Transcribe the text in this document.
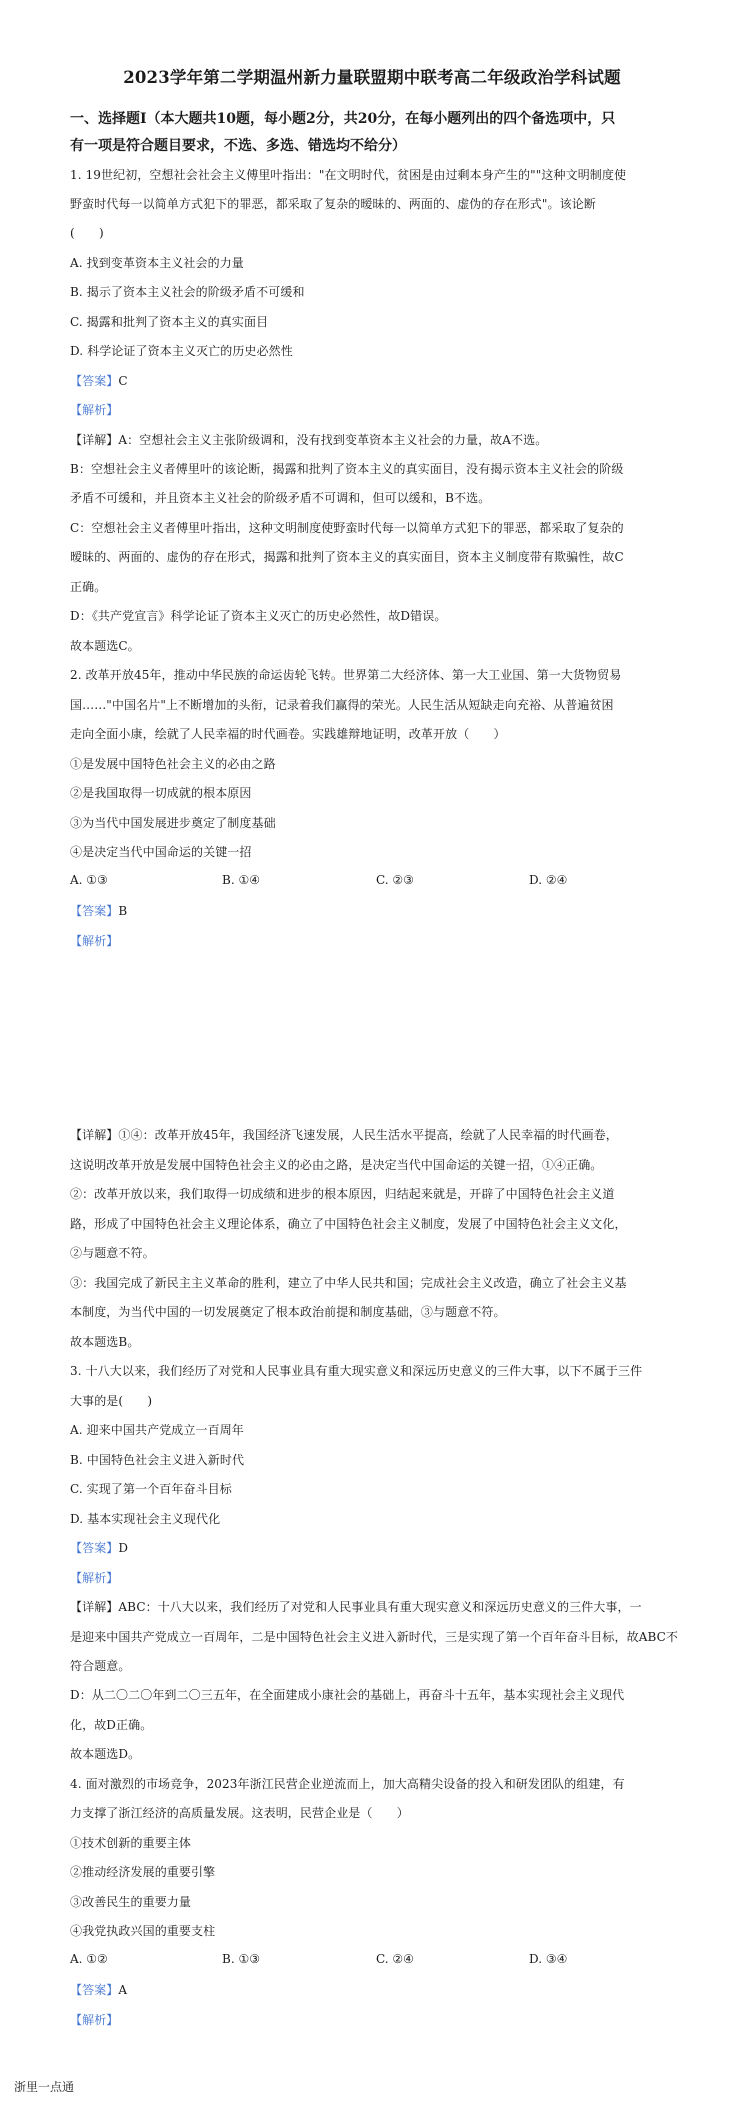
2023学年第二学期温州新力量联盟期中联考高二年级政治学科试题
一、选择题Ⅰ（本大题共10题，每小题2分，共20分，在每小题列出的四个备选项中，只
有一项是符合题目要求，不选、多选、错选均不给分）
1. 19世纪初，空想社会社会主义傅里叶指出："在文明时代，贫困是由过剩本身产生的""这种文明制度使
野蛮时代每一以简单方式犯下的罪恶，都采取了复杂的暧昧的、两面的、虚伪的存在形式"。该论断
(　　)
A. 找到变革资本主义社会的力量
B. 揭示了资本主义社会的阶级矛盾不可缓和
C. 揭露和批判了资本主义的真实面目
D. 科学论证了资本主义灭亡的历史必然性
【答案】C
【解析】
【详解】A：空想社会主义主张阶级调和，没有找到变革资本主义社会的力量，故A不选。
B：空想社会主义者傅里叶的该论断，揭露和批判了资本主义的真实面目，没有揭示资本主义社会的阶级
矛盾不可缓和，并且资本主义社会的阶级矛盾不可调和，但可以缓和，B不选。
C：空想社会主义者傅里叶指出，这种文明制度使野蛮时代每一以简单方式犯下的罪恶，都采取了复杂的
暧昧的、两面的、虚伪的存在形式，揭露和批判了资本主义的真实面目，资本主义制度带有欺骗性，故C
正确。
D：《共产党宣言》科学论证了资本主义灭亡的历史必然性，故D错误。
故本题选C。
2. 改革开放45年，推动中华民族的命运齿轮飞转。世界第二大经济体、第一大工业国、第一大货物贸易
国……"中国名片"上不断增加的头衔，记录着我们赢得的荣光。人民生活从短缺走向充裕、从普遍贫困
走向全面小康，绘就了人民幸福的时代画卷。实践雄辩地证明，改革开放（　　）
①是发展中国特色社会主义的必由之路
②是我国取得一切成就的根本原因
③为当代中国发展进步奠定了制度基础
④是决定当代中国命运的关键一招
A. ①③	B. ①④	C. ②③	D. ②④
【答案】B
【解析】
【详解】①④：改革开放45年，我国经济飞速发展，人民生活水平提高，绘就了人民幸福的时代画卷，
这说明改革开放是发展中国特色社会主义的必由之路，是决定当代中国命运的关键一招，①④正确。
②：改革开放以来，我们取得一切成绩和进步的根本原因，归结起来就是，开辟了中国特色社会主义道
路，形成了中国特色社会主义理论体系，确立了中国特色社会主义制度，发展了中国特色社会主义文化，
②与题意不符。
③：我国完成了新民主主义革命的胜利，建立了中华人民共和国；完成社会主义改造，确立了社会主义基
本制度，为当代中国的一切发展奠定了根本政治前提和制度基础，③与题意不符。
故本题选B。
3. 十八大以来，我们经历了对党和人民事业具有重大现实意义和深远历史意义的三件大事，以下不属于三件
大事的是(　　)
A. 迎来中国共产党成立一百周年
B. 中国特色社会主义进入新时代
C. 实现了第一个百年奋斗目标
D. 基本实现社会主义现代化
【答案】D
【解析】
【详解】ABC：十八大以来，我们经历了对党和人民事业具有重大现实意义和深远历史意义的三件大事，一
是迎来中国共产党成立一百周年，二是中国特色社会主义进入新时代，三是实现了第一个百年奋斗目标，故ABC不
符合题意。
D：从二〇二〇年到二〇三五年，在全面建成小康社会的基础上，再奋斗十五年，基本实现社会主义现代
化，故D正确。
故本题选D。
4. 面对激烈的市场竞争，2023年浙江民营企业逆流而上，加大高精尖设备的投入和研发团队的组建，有
力支撑了浙江经济的高质量发展。这表明，民营企业是（　　）
①技术创新的重要主体
②推动经济发展的重要引擎
③改善民生的重要力量
④我党执政兴国的重要支柱
A. ①②	B. ①③	C. ②④	D. ③④
【答案】A
【解析】
浙里一点通
